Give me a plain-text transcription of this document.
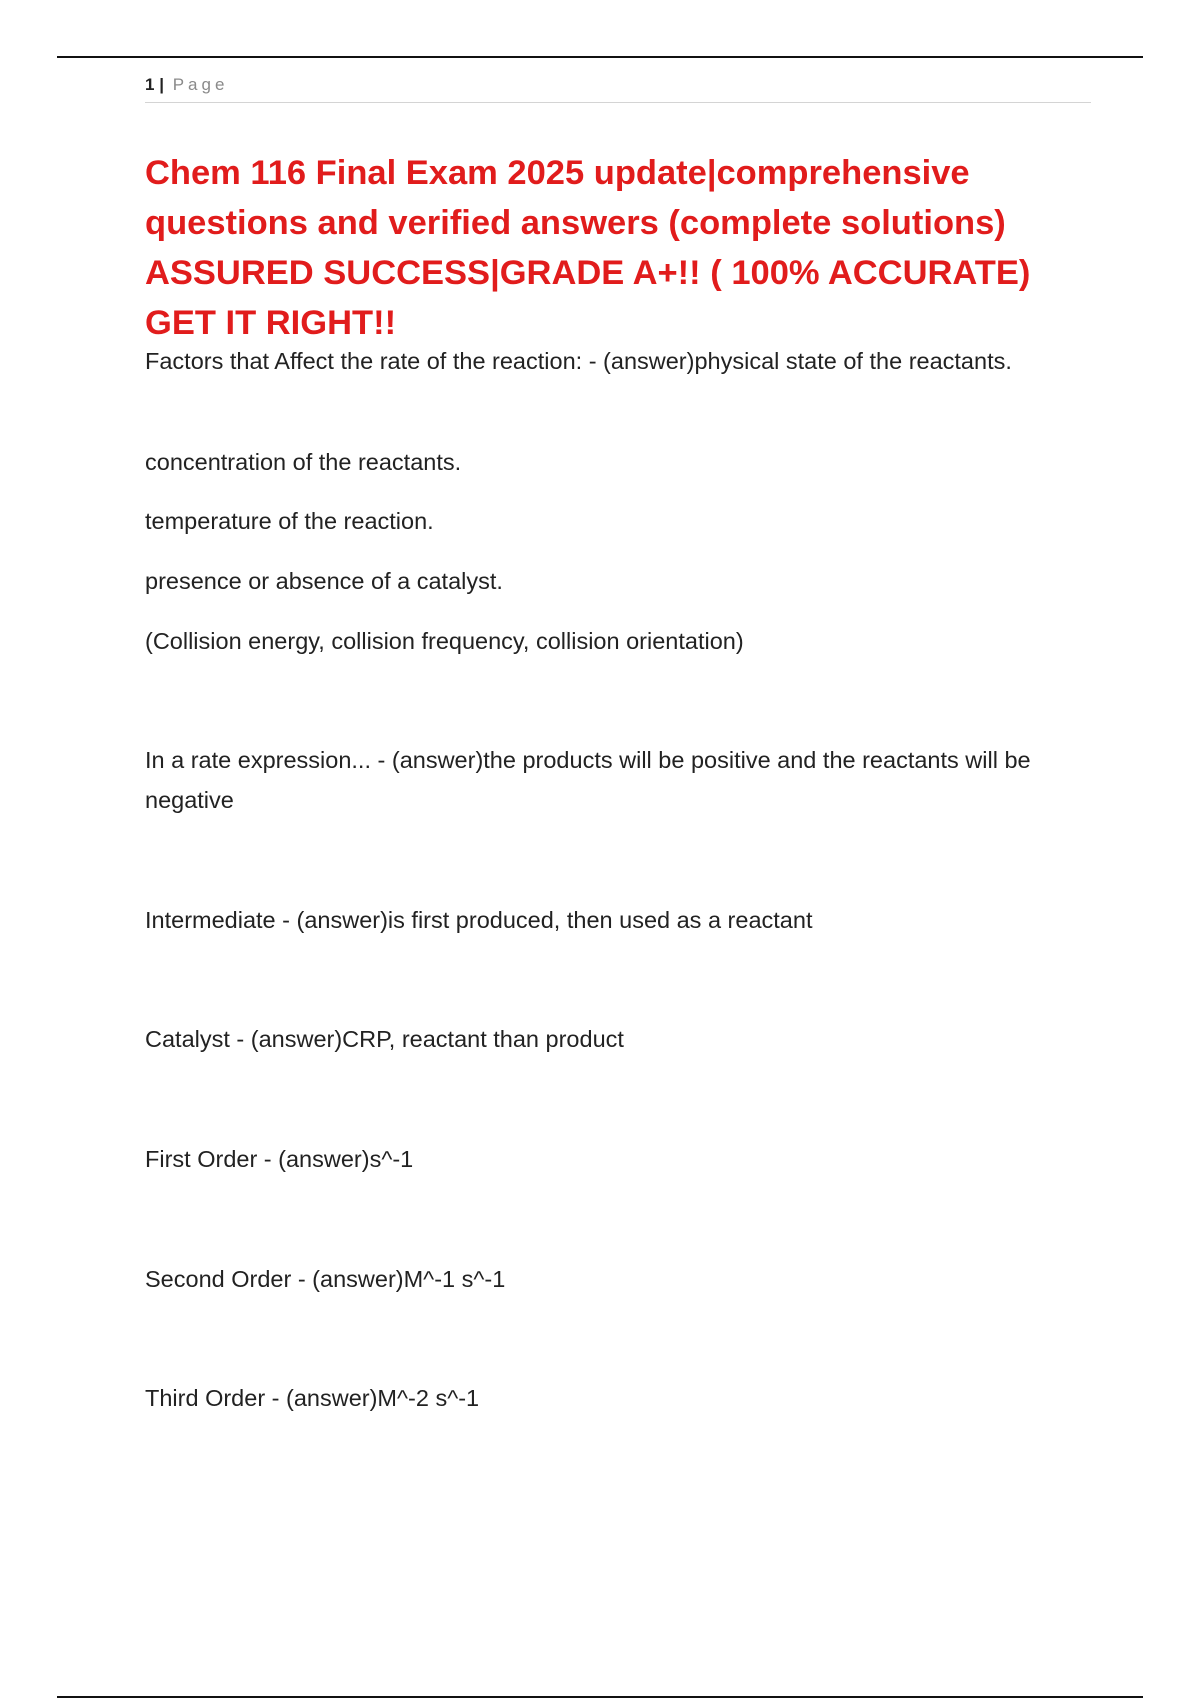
1 | Page
Chem 116 Final Exam 2025 update|comprehensive questions and verified answers (complete solutions) ASSURED SUCCESS|GRADE A+!! ( 100% ACCURATE) GET IT RIGHT!!

Factors that Affect the rate of the reaction: - (answer)physical state of the reactants.

concentration of the reactants.

temperature of the reaction.

presence or absence of a catalyst.

(Collision energy, collision frequency, collision orientation)

In a rate expression... - (answer)the products will be positive and the reactants will be negative

Intermediate - (answer)is first produced, then used as a reactant

Catalyst - (answer)CRP, reactant than product

First Order - (answer)s^-1

Second Order - (answer)M^-1 s^-1

Third Order - (answer)M^-2 s^-1
